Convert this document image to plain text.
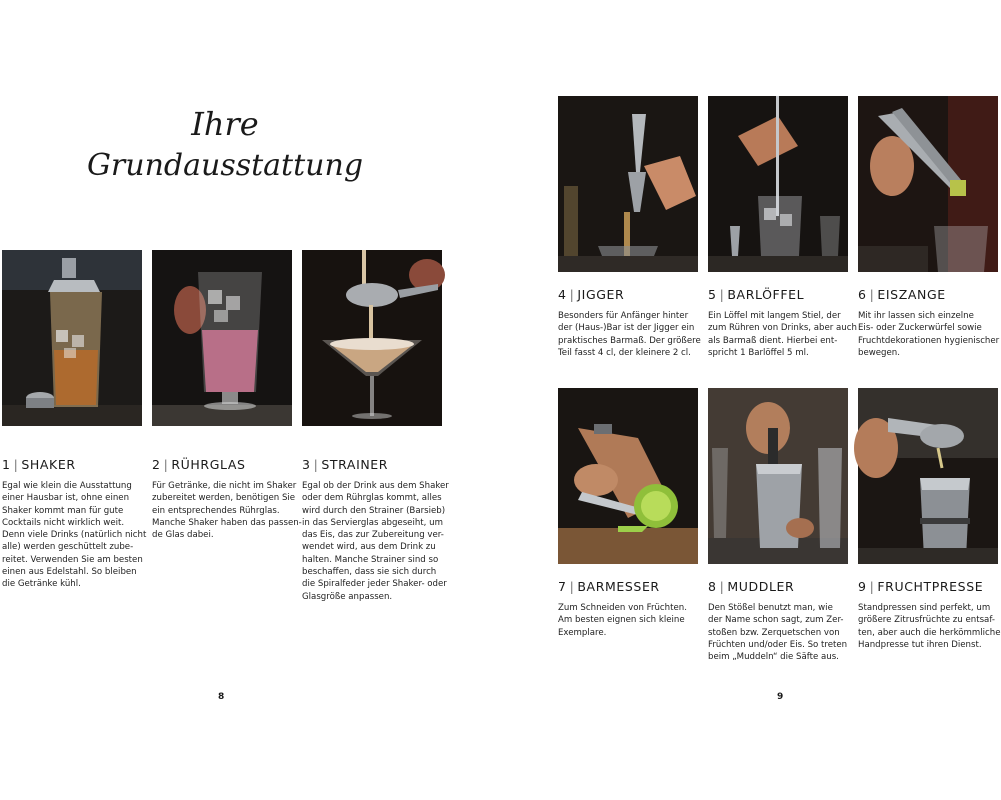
Ihre
Grundausstattung
1 | SHAKER
Egal wie klein die Ausstattung
einer Hausbar ist, ohne einen
Shaker kommt man für gute
Cocktails nicht wirklich weit.
Denn viele Drinks (natürlich nicht
alle) werden geschüttelt zube-
reitet. Verwenden Sie am besten
einen aus Edelstahl. So bleiben
die Getränke kühl.
2 | RÜHRGLAS
Für Getränke, die nicht im Shaker
zubereitet werden, benötigen Sie
ein entsprechendes Rührglas.
Manche Shaker haben das passen-
de Glas dabei.
3 | STRAINER
Egal ob der Drink aus dem Shaker
oder dem Rührglas kommt, alles
wird durch den Strainer (Barsieb)
in das Servierglas abgeseiht, um
das Eis, das zur Zubereitung ver-
wendet wird, aus dem Drink zu
halten. Manche Strainer sind so
beschaffen, dass sie sich durch
die Spiralfeder jeder Shaker- oder
Glasgröße anpassen.
4 | JIGGER
Besonders für Anfänger hinter
der (Haus-)Bar ist der Jigger ein
praktisches Barmaß. Der größere
Teil fasst 4 cl, der kleinere 2 cl.
5 | BARLÖFFEL
Ein Löffel mit langem Stiel, der
zum Rühren von Drinks, aber auch
als Barmaß dient. Hierbei ent-
spricht 1 Barlöffel 5 ml.
6 | EISZANGE
Mit ihr lassen sich einzelne
Eis- oder Zuckerwürfel sowie
Fruchtdekorationen hygienischer
bewegen.
7 | BARMESSER
Zum Schneiden von Früchten.
Am besten eignen sich kleine
Exemplare.
8 | MUDDLER
Den Stößel benutzt man, wie
der Name schon sagt, zum Zer-
stoßen bzw. Zerquetschen von
Früchten und/oder Eis. So treten
beim „Muddeln“ die Säfte aus.
9 | FRUCHTPRESSE
Standpressen sind perfekt, um
größere Zitrusfrüchte zu entsaf-
ten, aber auch die herkömmliche
Handpresse tut ihren Dienst.
8	9
